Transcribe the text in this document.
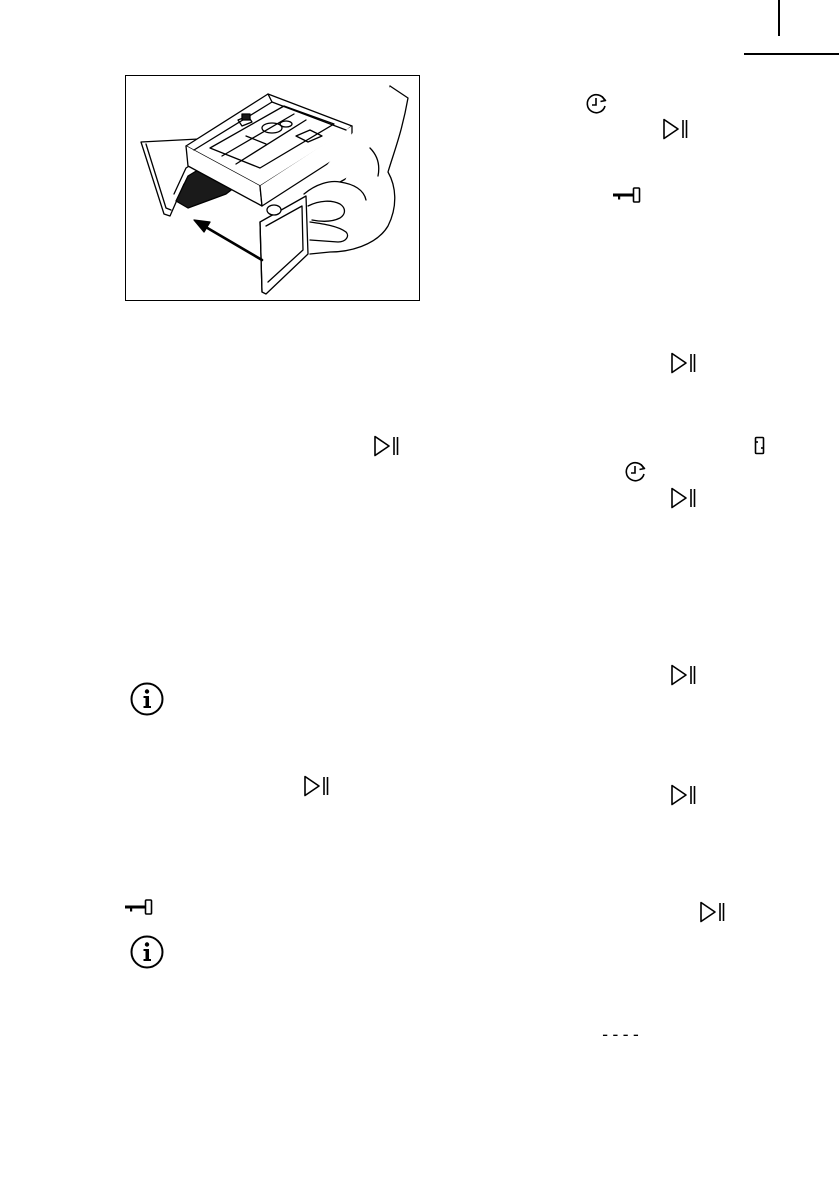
----
